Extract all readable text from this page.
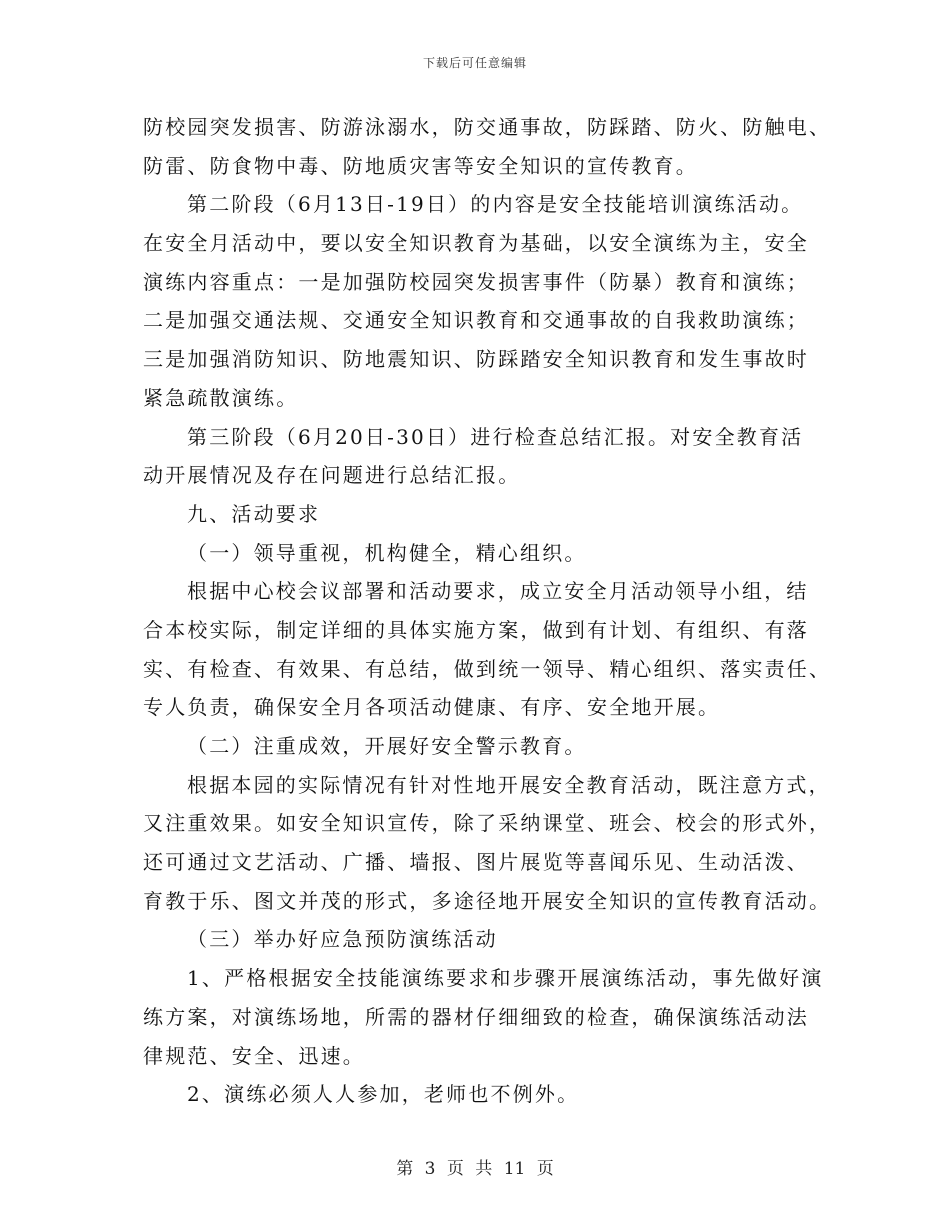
下载后可任意编辑
防校园突发损害、防游泳溺水，防交通事故，防踩踏、防火、防触电、
防雷、防食物中毒、防地质灾害等安全知识的宣传教育。
第二阶段（6月13日-19日）的内容是安全技能培训演练活动。
在安全月活动中，要以安全知识教育为基础，以安全演练为主，安全
演练内容重点：一是加强防校园突发损害事件（防暴）教育和演练；
二是加强交通法规、交通安全知识教育和交通事故的自我救助演练；
三是加强消防知识、防地震知识、防踩踏安全知识教育和发生事故时
紧急疏散演练。
第三阶段（6月20日-30日）进行检查总结汇报。对安全教育活
动开展情况及存在问题进行总结汇报。
九、活动要求
（一）领导重视，机构健全，精心组织。
根据中心校会议部署和活动要求，成立安全月活动领导小组，结
合本校实际，制定详细的具体实施方案，做到有计划、有组织、有落
实、有检查、有效果、有总结，做到统一领导、精心组织、落实责任、
专人负责，确保安全月各项活动健康、有序、安全地开展。
（二）注重成效，开展好安全警示教育。
根据本园的实际情况有针对性地开展安全教育活动，既注意方式，
又注重效果。如安全知识宣传，除了采纳课堂、班会、校会的形式外，
还可通过文艺活动、广播、墙报、图片展览等喜闻乐见、生动活泼、
育教于乐、图文并茂的形式，多途径地开展安全知识的宣传教育活动。
（三）举办好应急预防演练活动
1、严格根据安全技能演练要求和步骤开展演练活动，事先做好演
练方案，对演练场地，所需的器材仔细细致的检查，确保演练活动法
律规范、安全、迅速。
2、演练必须人人参加，老师也不例外。
第 3 页 共 11 页
